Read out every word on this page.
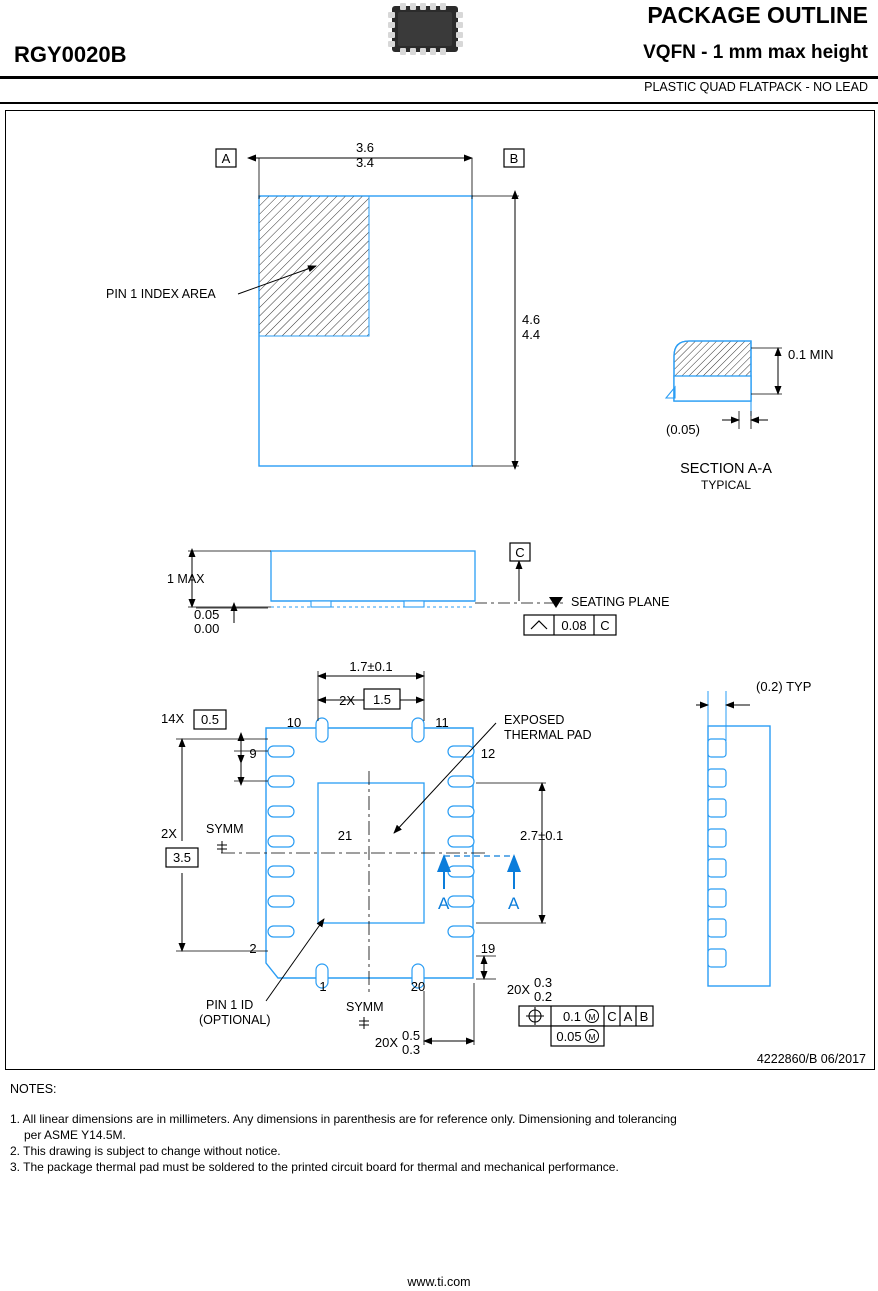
PACKAGE OUTLINE
VQFN - 1 mm max height
RGY0020B
PLASTIC QUAD FLATPACK - NO LEAD
A	B
3.6
3.4
4.6
4.4
PIN 1 INDEX AREA
(0.05)
0.1 MIN
SECTION A-A
TYPICAL
1 MAX
0.05
0.00
C
SEATING PLANE
0.08 C
1.7±0.1
2X 1.5
14X 0.5
2X
3.5
SYMM
SYMM
EXPOSED
THERMAL PAD
2.7±0.1
10	11
9	12
2	19
1	20
21
PIN 1 ID
(OPTIONAL)
A	A
20X 0.3
0.2
20X 0.5
0.3
0.1 M C A B
0.05 M
(0.2) TYP
4222860/B 06/2017
NOTES:
1. All linear dimensions are in millimeters. Any dimensions in parenthesis are for reference only. Dimensioning and tolerancing
per ASME Y14.5M.
2. This drawing is subject to change without notice.
3. The package thermal pad must be soldered to the printed circuit board for thermal and mechanical performance.
www.ti.com
